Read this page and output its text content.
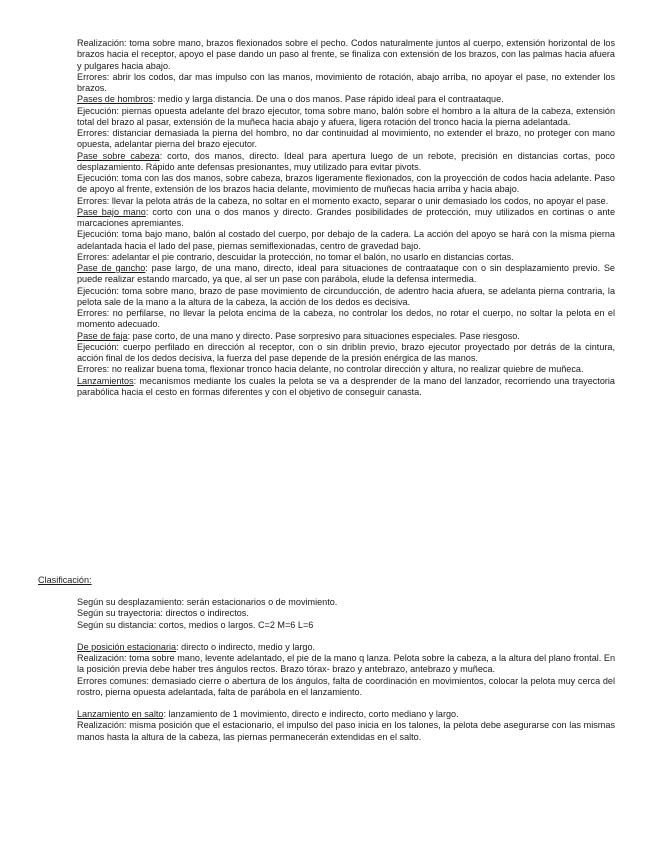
Realización: toma sobre mano, brazos flexionados sobre el pecho. Codos naturalmente juntos al cuerpo, extensión horizontal de los brazos hacia el receptor, apoyo el pase dando un paso al frente, se finaliza con extensión de los brazos, con las palmas hacia afuera y pulgares hacia abajo.

Errores: abrir los codos, dar mas impulso con las manos, movimiento de rotación, abajo arriba, no apoyar el pase, no extender los brazos.

Pases de hombros: medio y larga distancia. De una o dos manos. Pase rápido ideal para el contraataque.

Ejecución: piernas opuesta adelante del brazo ejecutor, toma sobre mano, balón sobre el hombro a la altura de la cabeza, extensión total del brazo al pasar, extensión de la muñeca hacia abajo y afuera, ligera rotación del tronco hacia la pierna adelantada.

Errores: distanciar demasiada la pierna del hombro, no dar continuidad al movimiento, no extender el brazo, no proteger con mano opuesta, adelantar pierna del brazo ejecutor.

Pase sobre cabeza: corto, dos manos, directo. Ideal para apertura luego de un rebote, precisión en distancias cortas, poco desplazamiento. Rápido ante defensas presionantes, muy utilizado para evitar pivots.

Ejecución: toma con las dos manos, sobre cabeza, brazos ligeramente flexionados, con la proyección de codos hacia adelante. Paso de apoyo al frente, extensión de los brazos hacia delante, movimiento de muñecas hacia arriba y hacia abajo.

Errores: llevar la pelota atrás de la cabeza, no soltar en el momento exacto, separar o unir demasiado los codos, no apoyar el pase.

Pase bajo mano: corto con una o dos manos y directo. Grandes posibilidades de protección, muy utilizados en cortinas o ante marcaciones apremiantes.

Ejecución: toma bajo mano, balón al costado del cuerpo, por debajo de la cadera. La acción del apoyo se hará con la misma pierna adelantada hacia el lado del pase, piernas semiflexionadas, centro de gravedad bajo.

Errores: adelantar el pie contrario, descuidar la protección, no tomar el balón, no usarlo en distancias cortas.

Pase de gancho: pase largo, de una mano, directo, ideal para situaciones de contraataque con o sin desplazamiento previo. Se puede realizar estando marcado, ya que, al ser un pase con parábola, elude la defensa intermedia.

Ejecución: toma sobre mano, brazo de pase movimiento de circunducción, de adentro hacia afuera, se adelanta pierna contraria, la pelota sale de la mano a la altura de la cabeza, la acción de los dedos es decisiva.

Errores: no perfilarse, no llevar la pelota encima de la cabeza, no controlar los dedos, no rotar el cuerpo, no soltar la pelota en el momento adecuado.

Pase de faja: pase corto, de una mano y directo. Pase sorpresivo para situaciones especiales. Pase riesgoso.

Ejecución: cuerpo perfilado en dirección al receptor, con o sin driblin previo, brazo ejecutor proyectado por detrás de la cintura, acción final de los dedos decisiva, la fuerza del pase depende de la presión enérgica de las manos.

Errores: no realizar buena toma, flexionar tronco hacia delante, no controlar dirección y altura, no realizar quiebre de muñeca.

Lanzamientos: mecanismos mediante los cuales la pelota se va a desprender de la mano del lanzador, recorriendo una trayectoria parabólica hacia el cesto en formas diferentes y con el objetivo de conseguir canasta.

Clasificación:

Según su desplazamiento: serán estacionarios o de movimiento.

Según su trayectoria: directos o indirectos.

Según su distancia: cortos, medios o largos. C=2 M=6 L=6

De posición estacionaria: directo o indirecto, medio y largo.

Realización: toma sobre mano, levente adelantado, el pie de la mano q lanza. Pelota sobre la cabeza, a la altura del plano frontal. En la posición previa debe haber tres ángulos rectos. Brazo tórax- brazo y antebrazo, antebrazo y muñeca.

Errores comunes: demasiado cierre o abertura de los ángulos, falta de coordinación en movimientos, colocar la pelota muy cerca del rostro, pierna opuesta adelantada, falta de parábola en el lanzamiento.

Lanzamiento en salto: lanzamiento de 1 movimiento, directo e indirecto, corto mediano y largo.

Realización: misma posición que el estacionario, el impulso del paso inicia en los talones, la pelota debe asegurarse con las mismas manos hasta la altura de la cabeza, las piernas permanecerán extendidas en el salto.
